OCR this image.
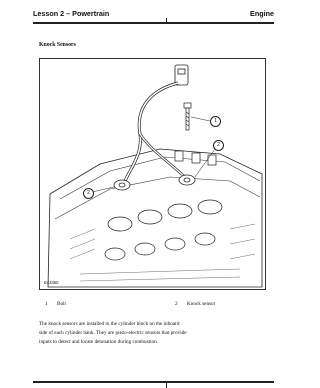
Lesson 2 – Powertrain	Engine
Knock Sensors
1
2
2
E43450
1 Bolt	2 Knock sensor
The knock sensors are installed in the cylinder block on the inboard side of each cylinder bank. They are piezo-electric sensors that provide inputs to detect and locate detonation during combustion.
